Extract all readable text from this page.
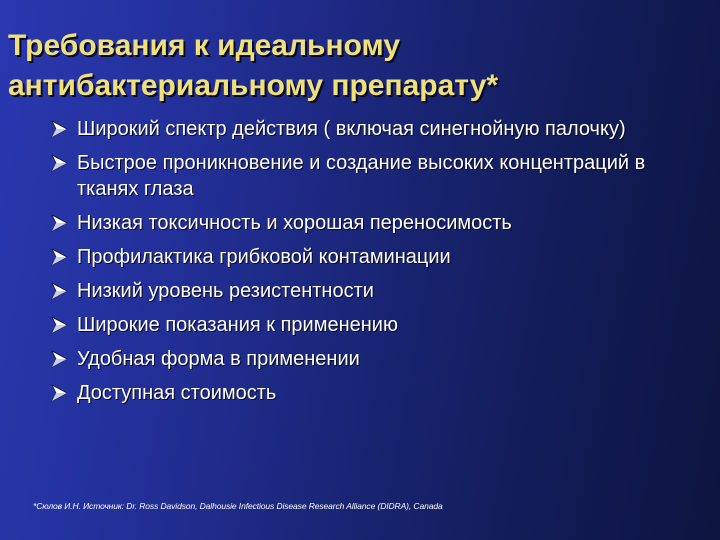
Требования к идеальному
антибактериальному препарату*
Широкий спектр действия ( включая синегнойную палочку)
Быстрое проникновение и создание высоких концентраций в тканях глаза
Низкая токсичность и хорошая переносимость
Профилактика грибковой контаминации
Низкий уровень резистентности
Широкие показания к применению
Удобная форма в применении
Доступная стоимость

*Сюлов И.Н. Источник: Dr. Ross Davidson, Dalhousie Infectious Disease Research Alliance (DIDRA), Canada
